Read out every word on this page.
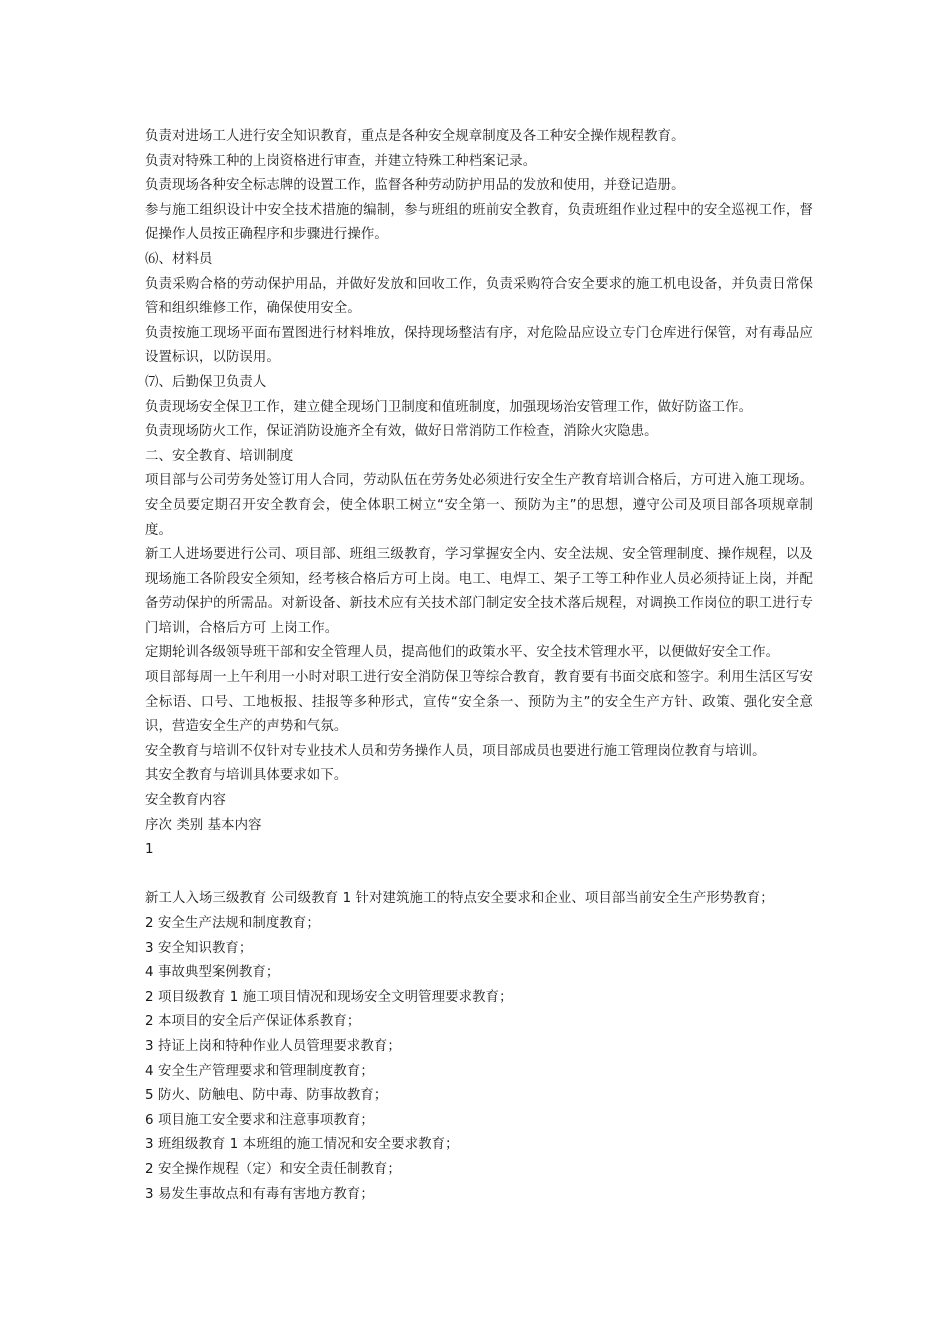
负责对进场工人进行安全知识教育，重点是各种安全规章制度及各工种安全操作规程教育。

负责对特殊工种的上岗资格进行审查，并建立特殊工种档案记录。

负责现场各种安全标志牌的设置工作，监督各种劳动防护用品的发放和使用，并登记造册。

参与施工组织设计中安全技术措施的编制，参与班组的班前安全教育，负责班组作业过程中的安全巡视工作，督促操作人员按正确程序和步骤进行操作。

⑹、材料员

负责采购合格的劳动保护用品，并做好发放和回收工作，负责采购符合安全要求的施工机电设备，并负责日常保管和组织维修工作，确保使用安全。

负责按施工现场平面布置图进行材料堆放，保持现场整洁有序，对危险品应设立专门仓库进行保管，对有毒品应设置标识，以防误用。

⑺、后勤保卫负责人

负责现场安全保卫工作，建立健全现场门卫制度和值班制度，加强现场治安管理工作，做好防盗工作。

负责现场防火工作，保证消防设施齐全有效，做好日常消防工作检查，消除火灾隐患。

二、安全教育、培训制度

项目部与公司劳务处签订用人合同，劳动队伍在劳务处必须进行安全生产教育培训合格后，方可进入施工现场。安全员要定期召开安全教育会，使全体职工树立“安全第一、预防为主”的思想，遵守公司及项目部各项规章制度。

新工人进场要进行公司、项目部、班组三级教育，学习掌握安全内、安全法规、安全管理制度、操作规程，以及现场施工各阶段安全须知，经考核合格后方可上岗。电工、电焊工、架子工等工种作业人员必须持证上岗，并配备劳动保护的所需品。对新设备、新技术应有关技术部门制定安全技术落后规程，对调换工作岗位的职工进行专门培训，合格后方可 上岗工作。

定期轮训各级领导班干部和安全管理人员，提高他们的政策水平、安全技术管理水平，以便做好安全工作。

项目部每周一上午利用一小时对职工进行安全消防保卫等综合教育，教育要有书面交底和签字。利用生活区写安全标语、口号、工地板报、挂报等多种形式，宣传“安全条一、预防为主”的安全生产方针、政策、强化安全意识，营造安全生产的声势和气氛。

安全教育与培训不仅针对专业技术人员和劳务操作人员，项目部成员也要进行施工管理岗位教育与培训。

其安全教育与培训具体要求如下。

安全教育内容

序次 类别 基本内容

1

新工人入场三级教育 公司级教育 1 针对建筑施工的特点安全要求和企业、项目部当前安全生产形势教育；

2 安全生产法规和制度教育；

3 安全知识教育；

4 事故典型案例教育；

2 项目级教育 1 施工项目情况和现场安全文明管理要求教育；

2 本项目的安全后产保证体系教育；

3 持证上岗和特种作业人员管理要求教育；

4 安全生产管理要求和管理制度教育；

5 防火、防触电、防中毒、防事故教育；

6 项目施工安全要求和注意事项教育；

3 班组级教育 1 本班组的施工情况和安全要求教育；

2 安全操作规程（定）和安全责任制教育；

3 易发生事故点和有毒有害地方教育；
